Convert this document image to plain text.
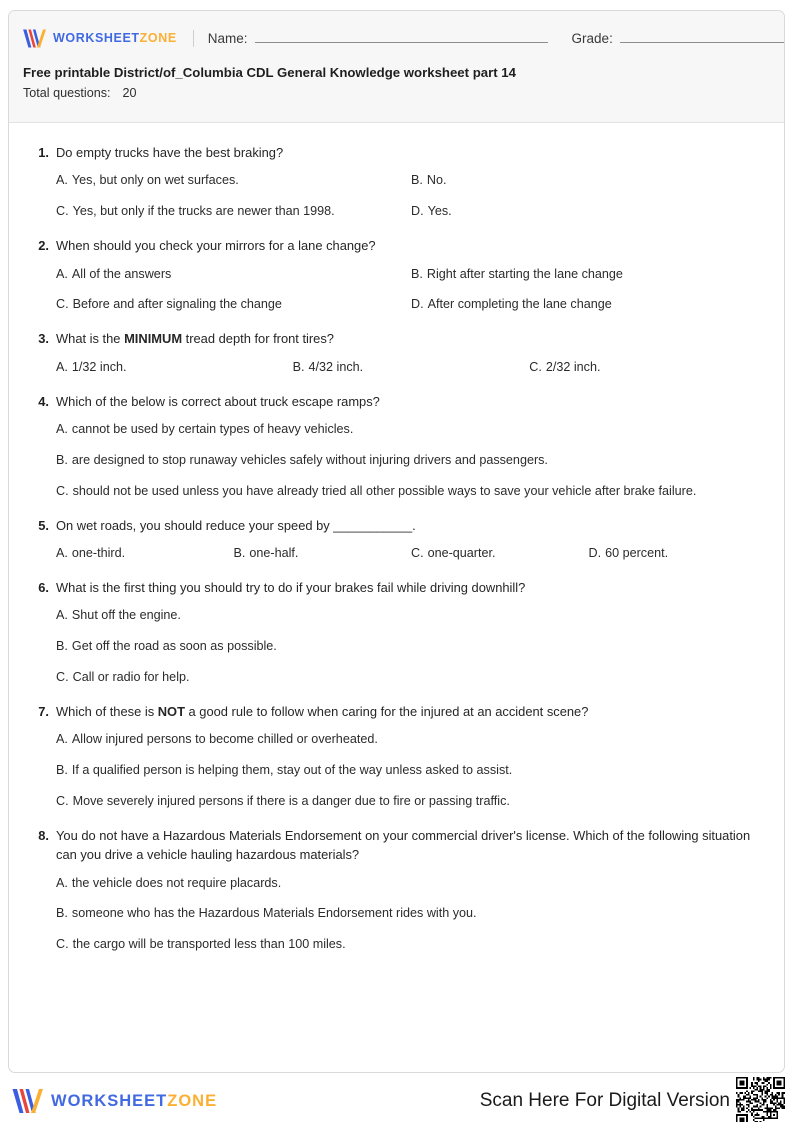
WORKSHEETZONE Name:	Grade:
Free printable District/of_Columbia CDL General Knowledge worksheet part 14
Total questions: 20
1. Do empty trucks have the best braking?
A. Yes, but only on wet surfaces.	B. No.
C. Yes, but only if the trucks are newer than 1998.	D. Yes.
2. When should you check your mirrors for a lane change?
A. All of the answers	B. Right after starting the lane change
C. Before and after signaling the change	D. After completing the lane change
3. What is the MINIMUM tread depth for front tires?
A. 1/32 inch.	B. 4/32 inch.	C. 2/32 inch.
4. Which of the below is correct about truck escape ramps?
A. cannot be used by certain types of heavy vehicles.
B. are designed to stop runaway vehicles safely without injuring drivers and passengers.
C. should not be used unless you have already tried all other possible ways to save your vehicle after brake failure.
5. On wet roads, you should reduce your speed by ___________.
A. one-third.	B. one-half.	C. one-quarter.	D. 60 percent.
6. What is the first thing you should try to do if your brakes fail while driving downhill?
A. Shut off the engine.
B. Get off the road as soon as possible.
C. Call or radio for help.
7. Which of these is NOT a good rule to follow when caring for the injured at an accident scene?
A. Allow injured persons to become chilled or overheated.
B. If a qualified person is helping them, stay out of the way unless asked to assist.
C. Move severely injured persons if there is a danger due to fire or passing traffic.
8. You do not have a Hazardous Materials Endorsement on your commercial driver's license. Which of the following situation can you drive a vehicle hauling hazardous materials?
A. the vehicle does not require placards.
B. someone who has the Hazardous Materials Endorsement rides with you.
C. the cargo will be transported less than 100 miles.
WORKSHEETZONE	Scan Here For Digital Version
